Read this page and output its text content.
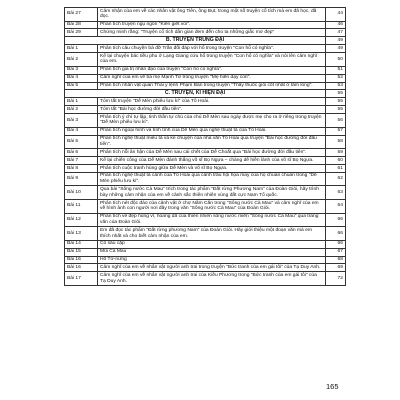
Bài 27	Cảm nhận của em về các nhân vật ông Tiên, ông Bụt, trong một số truyện cổ tích mà em đã học, đã đọc.	44
Bài 28	Phân tích truyện ngụ ngôn "Kiến giết voi".	46
Bài 29	Chứng minh rằng: "Truyện cổ tích dân gian đem đến cho ta những giấc mơ đẹp"	47
B. TRUYỆN TRUNG ĐẠI		49
Bài 1	Phân tích câu chuyện bà đỡ Trần đối đáp với hổ trong truyện "Con hổ có nghĩa".	49
Bài 2	Kể lại chuyện bác tiều phu ở Lạng Giang cứu hổ trong truyện "Con hổ có nghĩa" và nói lên cảm nghĩ của em.	50
Bài 3	Phân tích giá trị nhân đạo của truyện "Con hổ có nghĩa".	51
Bài 4	Cảm nghĩ của em về bà mẹ Mạnh Tử trong truyện "Mẹ hiền dạy con".	52
Bài 5	Phân tích nhân vật quan Thái y lệnh Phạm Bân trong truyện "Thầy thuốc giỏi cốt nhất ở tấm lòng".	53
C. TRUYỆN, KÍ HIỆN ĐẠI		55
Bài 1	Tóm tắt truyện "Dế Mèn phiêu lưu kí" của Tô Hoài.	55
Bài 2	Tóm tắt "Bài học đường đời đầu tiên".	55
Bài 3	Phân tích ý chí tự lập, tinh thần tự chủ của chú Dế Mèn sau ngày được mẹ cho ra ở riêng trong truyện "Dế Mèn phiêu lưu kí".	56
Bài 4	Phân tích ngoại hình và tính tình của Dế Mèn qua nghệ thuật tả của Tô Hoài.	57
Bài 5	Phân tích nghệ thuật miêu tả và kể chuyện của nhà văn Tô Hoài qua truyện "Bài học đường đời đầu tiên".	58
Bài 6	Phân tích nỗi ân hận của Dế Mèn sau cái chết của Dế Choắt qua "Bài học đường đời đầu tiên".	59
Bài 7	Kể lại chiến công của Dế Mèn đánh thắng võ sĩ Bọ Ngựa – chàng dế hiền lành của võ sĩ Bọ Ngựa.	60
Bài 8	Phân tích cuộc tranh hùng giữa Dế Mèn và võ sĩ Bọ Ngựa.	61
Bài 9	Phân tích nghệ thuật tả cảnh của Tô Hoài qua cảnh trấu hội họa may của họ chuẩn chuẩn trong "Dế Mèn phiêu lưu kí".	62
Bài 10	Qua bài "Sông nước Cà Mau" trích trong tác phẩm "Đất rừng Phương Nam" của Đoàn Giỏi, hãy trình bày những cảm nhận của em về cảnh sắc thiên nhiên vùng đất cực Nam Tổ quốc.	63
Bài 11	Phân tích nét độc đáo của cảnh vật ở chợ Năm Căn trong "Sông nước Cà Mau" và cảm nghĩ của em về hình ảnh con người nơi đây trong văn "Sông nước Cà Mau" của Đoàn Giỏi.	64
Bài 12	Phân tích vẻ đẹp hùng vĩ, hoang dã của thiên nhiên sông nước miền "Sông nước Cà Mau" qua trang văn của Đoàn Giỏi.	66
Bài 13	Em đã đọc tác phẩm "Đất rừng phương Nam" của Đoàn Giỏi. Hãy giới thiệu một đoạn văn mà em thích nhất và cho biết cảm nhận của em.	66
Bài 14	Cô sầu cặp	66
Bài 15	Mũi Cà Mau	67
Bài 16	Hồ Tơ-nưng	68
Bài 16	Cảm nghĩ của em về nhân vật người anh trai trong truyện "Bức tranh của em gái tôi" của Tạ Duy Anh.	69
Bài 17	Cảm nghĩ của em về nhân vật người anh trai của Kiều Phương trong "Bức tranh của em gái tôi" của Tạ Duy Anh.	72
165
